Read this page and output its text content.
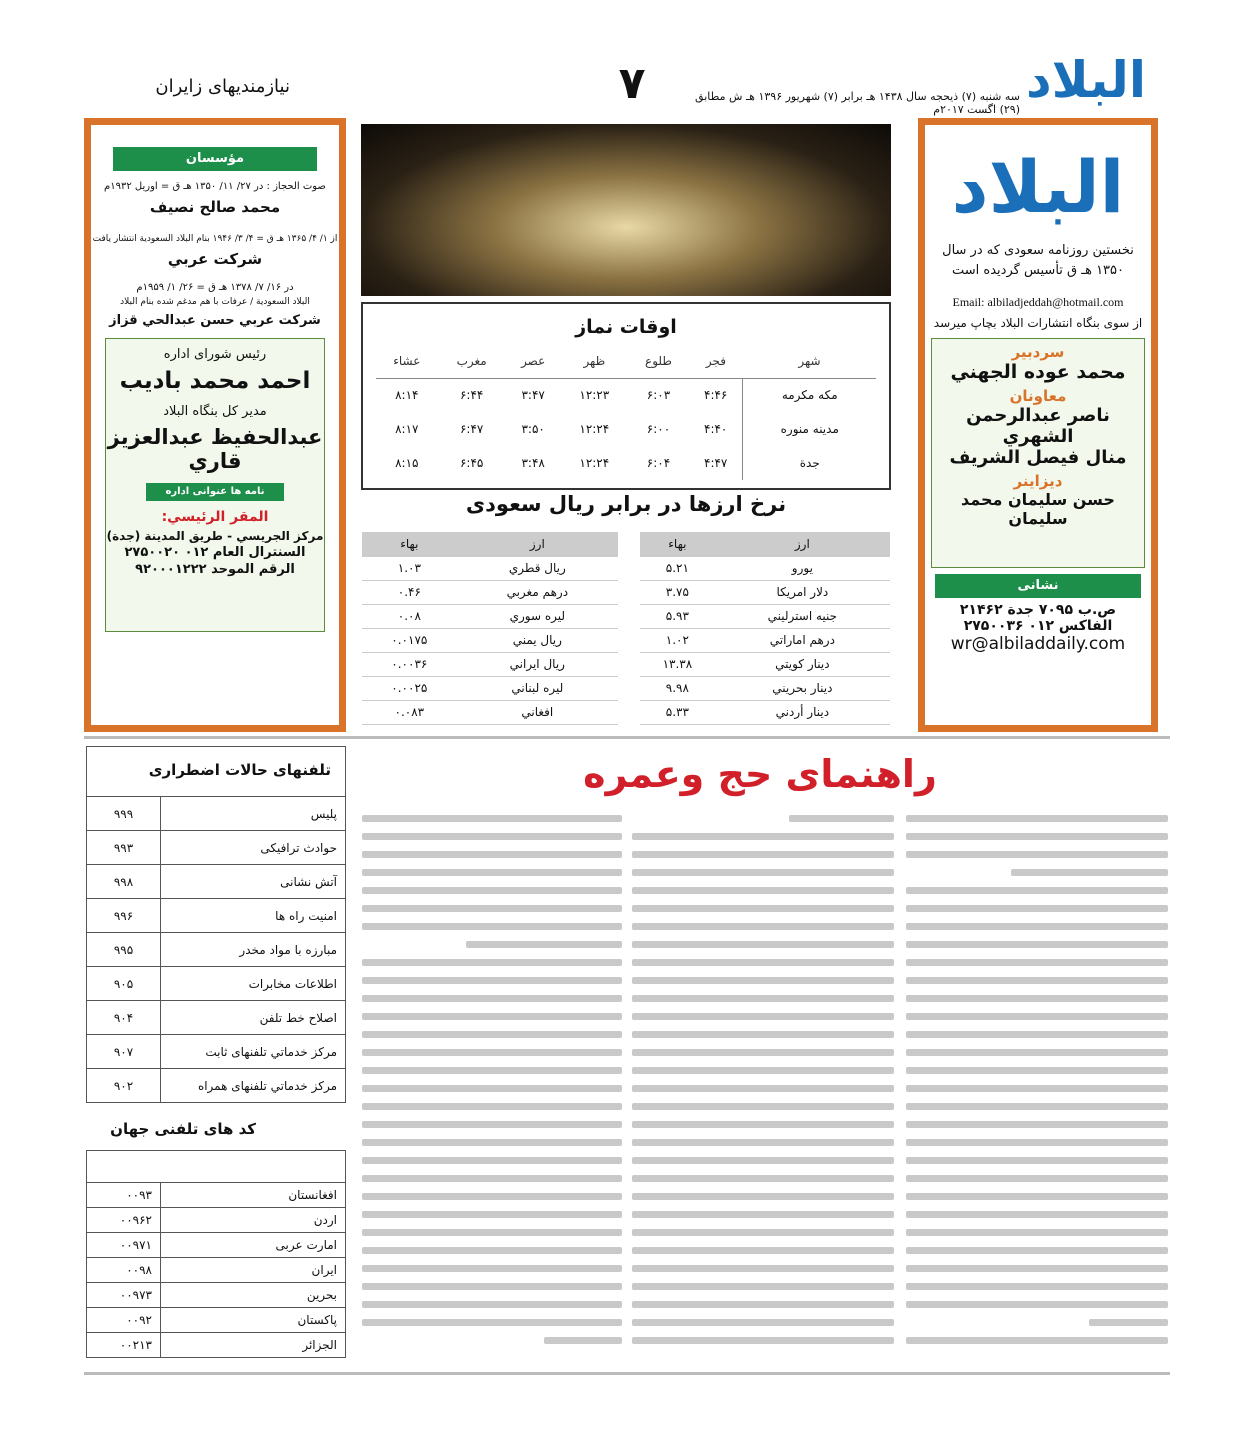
البلاد
سه شنبه (۷) ذیحجه سال ۱۴۳۸ هـ برابر (۷) شهریور ۱۳۹۶ هـ ش مطابق (۲۹) اگست ۲۰۱۷م
۷
نیازمندیهای زایران
البلاد
نخستین روزنامه سعودی که در سال ۱۳۵۰ هـ ق تأسیس گردیده است
Email: albiladjeddah@hotmail.com
از سوی بنگاه انتشارات البلاد بچاپ میرسد
سردبیر
محمد عوده الجهني
معاونان
ناصر عبدالرحمن الشهري
منال فيصل الشريف
ديزاينر
حسن سليمان محمد سليمان
نشانی
ص.ب ۷۰۹۵ جدة ۲۱۴۶۲
الفاكس ۰۱۲ ۲۷۵۰۰۳۶
wr@albiladdaily.com
اوقات نماز
شهر	فجر	طلوع	ظهر	عصر	مغرب	عشاء
مكه مكرمه	۴:۴۶	۶:۰۳	۱۲:۲۳	۳:۴۷	۶:۴۴	۸:۱۴
مدينه منوره	۴:۴۰	۶:۰۰	۱۲:۲۴	۳:۵۰	۶:۴۷	۸:۱۷
جدة	۴:۴۷	۶:۰۴	۱۲:۲۴	۳:۴۸	۶:۴۵	۸:۱۵
نرخ ارزها در برابر ريال سعودى
ارز	بهاء
يورو	۵.۲۱
دلار امريكا	۳.۷۵
جنيه استرليني	۵.۹۳
درهم اماراتي	۱.۰۲
دينار كويتي	۱۳.۳۸
دينار بحريني	۹.۹۸
دينار أردني	۵.۳۳
ارز	بهاء
ريال قطري	۱.۰۳
درهم مغربي	۰.۴۶
ليره سوري	۰.۰۸
ريال يمني	۰.۰۱۷۵
ريال ايراني	۰.۰۰۳۶
ليره لبناني	۰.۰۰۲۵
افغاني	۰.۰۸۳
مؤسسان
صوت الحجاز : در ۲۷/ ۱۱/ ۱۳۵۰ هـ ق = اوریل ۱۹۳۲م
محمد صالح نصيف
از ۱/ ۴/ ۱۳۶۵ هـ ق = ۴/ ۳/ ۱۹۴۶ بنام البلاد السعودية انتشار يافت
شركت عربي
در ۱۶/ ۷/ ۱۳۷۸ هـ ق = ۲۶/ ۱/ ۱۹۵۹م
البلاد السعودية / عرفات با هم مدغم شده بنام البلاد
شركت عربي حسن عبدالحي قزاز
رئيس شوراى اداره
احمد محمد باديب
مدير كل بنگاه البلاد
عبدالحفيظ عبدالعزيز قاري
نامه ها عنوانى اداره
المقر الرئيسي:
مركز الجريسي - طريق المدينة (جدة)
السنترال العام ۰۱۲ ۲۷۵۰۰۲۰
الرقم الموحد ۹۲۰۰۰۱۲۲۲
تلفنهای حالات اضطراری
پليس	۹۹۹
حوادث ترافيكى	۹۹۳
آتش نشانى	۹۹۸
امنيت راه ها	۹۹۶
مبارزه با مواد مخدر	۹۹۵
اطلاعات مخابرات	۹۰۵
اصلاح خط تلفن	۹۰۴
مركز خدماتي تلفنهاى ثابت	۹۰۷
مركز خدماتي تلفنهاى همراه	۹۰۲
كد هاى تلفنى جهان
افغانستان	۰۰۹۳
اردن	۰۰۹۶۲
امارت عربى	۰۰۹۷۱
ايران	۰۰۹۸
بحرين	۰۰۹۷۳
پاكستان	۰۰۹۲
الجزائر	۰۰۲۱۳
راهنمای حج وعمره
